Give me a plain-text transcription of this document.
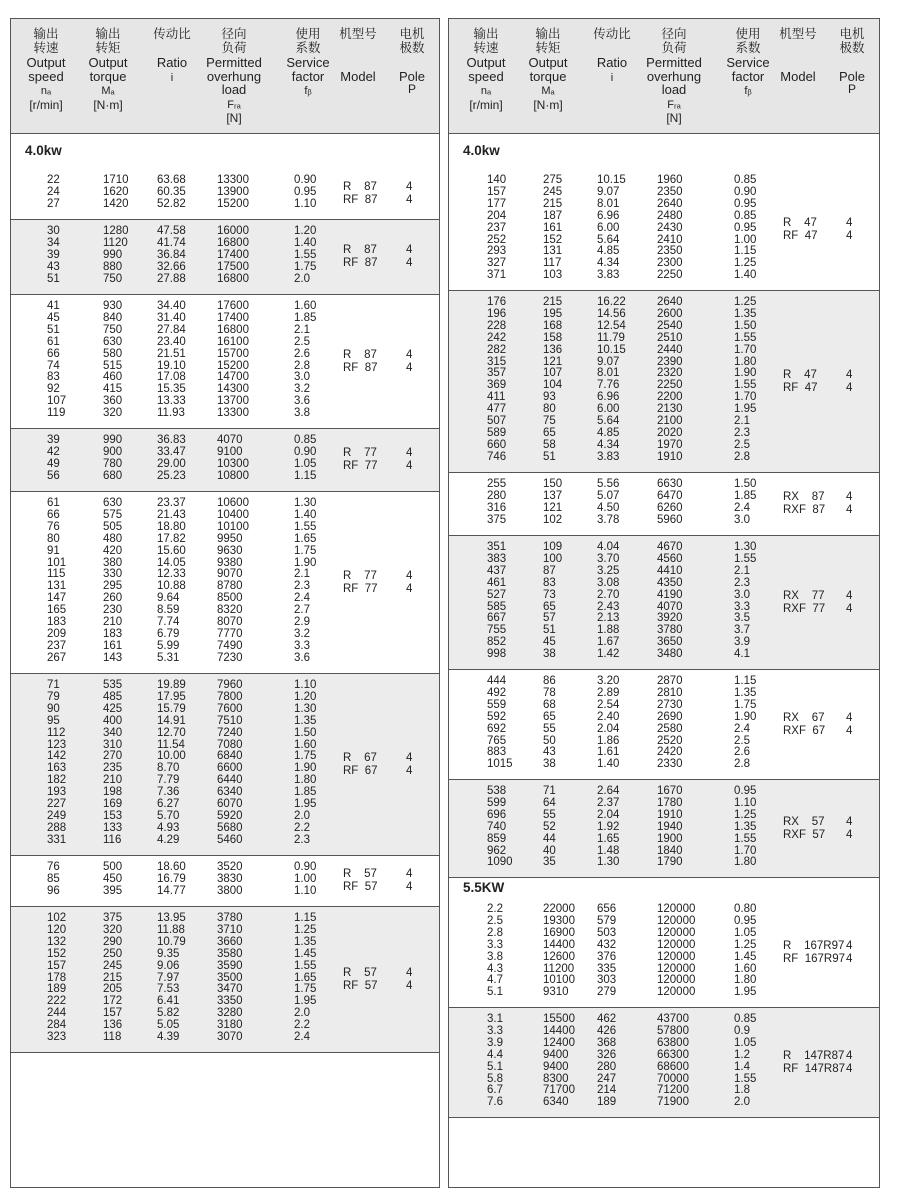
输出
转速
Output
speed
nₐ
[r/min]
输出
转矩
Output
torque
Mₐ
[N·m]
传动比

Ratio
i
径向
负荷
Permitted
overhung
load
Fᵣₐ
[N]
使用
系数
Service
factor
fᵦ
机型号

Model
电机
极数

Pole
P
4.0kw
22
24
27
1710
1620
1420
63.68
60.35
52.82
13300
13900
15200
0.90
0.95
1.10
R    87
RF  87
4
4
30
34
39
43
51
1280
1120
990
880
750
47.58
41.74
36.84
32.66
27.88
16000
16800
17400
17500
16800
1.20
1.40
1.55
1.75
2.0
R    87
RF  87
4
4
41
45
51
61
66
74
83
92
107
119
930
840
750
630
580
515
460
415
360
320
34.40
31.40
27.84
23.40
21.51
19.10
17.08
15.35
13.33
11.93
17600
17400
16800
16100
15700
15200
14700
14300
13700
13300
1.60
1.85
2.1
2.5
2.6
2.8
3.0
3.2
3.6
3.8
R    87
RF  87
4
4
39
42
49
56
990
900
780
680
36.83
33.47
29.00
25.23
4070
9100
10300
10800
0.85
0.90
1.05
1.15
R    77
RF  77
4
4
61
66
76
80
91
101
115
131
147
165
183
209
237
267
630
575
505
480
420
380
330
295
260
230
210
183
161
143
23.37
21.43
18.80
17.82
15.60
14.05
12.33
10.88
9.64
8.59
7.74
6.79
5.99
5.31
10600
10400
10100
9950
9630
9380
9070
8780
8500
8320
8070
7770
7490
7230
1.30
1.40
1.55
1.65
1.75
1.90
2.1
2.3
2.4
2.7
2.9
3.2
3.3
3.6
R    77
RF  77
4
4
71
79
90
95
112
123
142
163
182
193
227
249
288
331
535
485
425
400
340
310
270
235
210
198
169
153
133
116
19.89
17.95
15.79
14.91
12.70
11.54
10.00
8.70
7.79
7.36
6.27
5.70
4.93
4.29
7960
7800
7600
7510
7240
7080
6840
6600
6440
6340
6070
5920
5680
5460
1.10
1.20
1.30
1.35
1.50
1.60
1.75
1.90
1.80
1.85
1.95
2.0
2.2
2.3
R    67
RF  67
4
4
76
85
96
500
450
395
18.60
16.79
14.77
3520
3830
3800
0.90
1.00
1.10
R    57
RF  57
4
4
102
120
132
152
157
178
189
222
244
284
323
375
320
290
250
245
215
205
172
157
136
118
13.95
11.88
10.79
9.35
9.06
7.97
7.53
6.41
5.82
5.05
4.39
3780
3710
3660
3580
3590
3500
3470
3350
3280
3180
3070
1.15
1.25
1.35
1.45
1.55
1.65
1.75
1.95
2.0
2.2
2.4
R    57
RF  57
4
4
输出
转速
Output
speed
nₐ
[r/min]
输出
转矩
Output
torque
Mₐ
[N·m]
传动比

Ratio
i
径向
负荷
Permitted
overhung
load
Fᵣₐ
[N]
使用
系数
Service
factor
fᵦ
机型号

Model
电机
极数

Pole
P
4.0kw
140
157
177
204
237
252
293
327
371
275
245
215
187
161
152
131
117
103
10.15
9.07
8.01
6.96
6.00
5.64
4.85
4.34
3.83
1960
2350
2640
2480
2430
2410
2350
2300
2250
0.85
0.90
0.95
0.85
0.95
1.00
1.15
1.25
1.40
R    47
RF  47
4
4
176
196
228
242
282
315
357
369
411
477
507
589
660
746
215
195
168
158
136
121
107
104
93
80
75
65
58
51
16.22
14.56
12.54
11.79
10.15
9.07
8.01
7.76
6.96
6.00
5.64
4.85
4.34
3.83
2640
2600
2540
2510
2440
2390
2320
2250
2200
2130
2100
2020
1970
1910
1.25
1.35
1.50
1.55
1.70
1.80
1.90
1.55
1.70
1.95
2.1
2.3
2.5
2.8
R    47
RF  47
4
4
255
280
316
375
150
137
121
102
5.56
5.07
4.50
3.78
6630
6470
6260
5960
1.50
1.85
2.4
3.0
RX    87
RXF  87
4
4
351
383
437
461
527
585
667
755
852
998
109
100
87
83
73
65
57
51
45
38
4.04
3.70
3.25
3.08
2.70
2.43
2.13
1.88
1.67
1.42
4670
4560
4410
4350
4190
4070
3920
3780
3650
3480
1.30
1.55
2.1
2.3
3.0
3.3
3.5
3.7
3.9
4.1
RX    77
RXF  77
4
4
444
492
559
592
692
765
883
1015
86
78
68
65
55
50
43
38
3.20
2.89
2.54
2.40
2.04
1.86
1.61
1.40
2870
2810
2730
2690
2580
2520
2420
2330
1.15
1.35
1.75
1.90
2.4
2.5
2.6
2.8
RX    67
RXF  67
4
4
538
599
696
740
859
962
1090
71
64
55
52
44
40
35
2.64
2.37
2.04
1.92
1.65
1.48
1.30
1670
1780
1910
1940
1900
1840
1790
0.95
1.10
1.25
1.35
1.55
1.70
1.80
RX    57
RXF  57
4
4
5.5KW
2.2
2.5
2.8
3.3
3.8
4.3
4.7
5.1
22000
19300
16900
14400
12600
11200
10100
9310
656
579
503
432
376
335
303
279
120000
120000
120000
120000
120000
120000
120000
120000
0.80
0.95
1.05
1.25
1.45
1.60
1.80
1.95
R    167R97
RF  167R97
4
4
3.1
3.3
3.9
4.4
5.1
5.8
6.7
7.6
15500
14400
12400
9400
9400
8300
71700
6340
462
426
368
326
280
247
214
189
43700
57800
63800
66300
68600
70000
71200
71900
0.85
0.9
1.05
1.2
1.4
1.55
1.8
2.0
R    147R87
RF  147R87
4
4
